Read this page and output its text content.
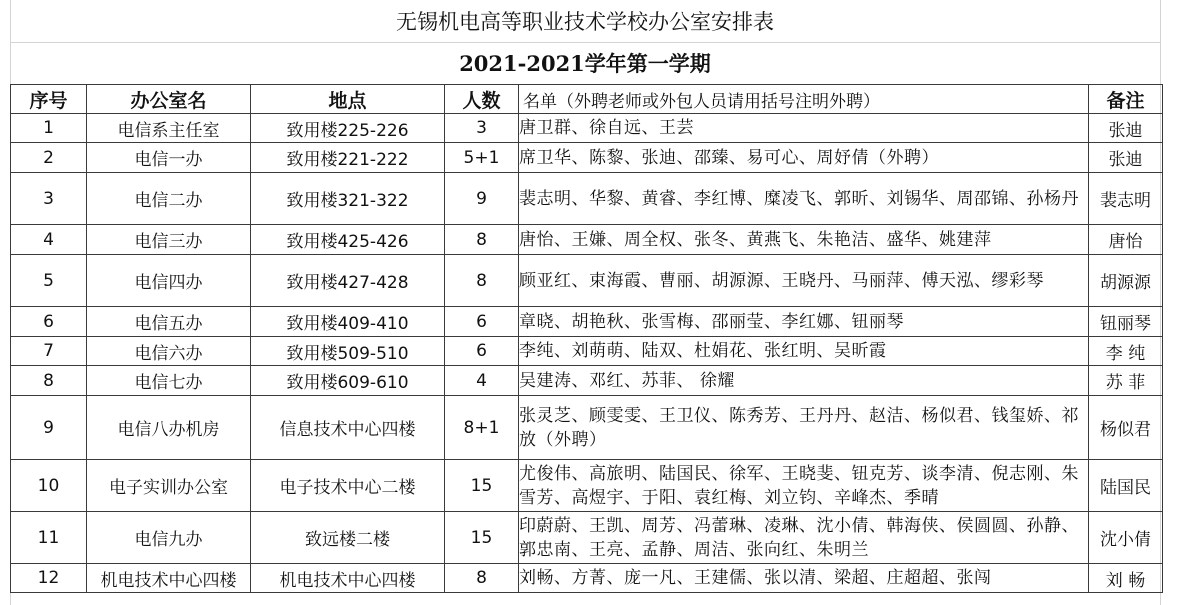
无锡机电高等职业技术学校办公室安排表
2021-2021学年第一学期
序号	办公室名	地点	人数	名单（外聘老师或外包人员请用括号注明外聘）	备注
1	电信系主任室	致用楼225-226	3	唐卫群、徐自远、王芸	张迪
2	电信一办	致用楼221-222	5+1	席卫华、陈黎、张迪、邵臻、易可心、周妤倩（外聘）	张迪
3	电信二办	致用楼321-322	9	裴志明、华黎、黄睿、李红博、糜凌飞、郭昕、刘锡华、周邵锦、孙杨丹	裴志明
4	电信三办	致用楼425-426	8	唐怡、王嫌、周全权、张冬、黄燕飞、朱艳洁、盛华、姚建萍	唐怡
5	电信四办	致用楼427-428	8	顾亚红、束海霞、曹丽、胡源源、王晓丹、马丽萍、傅天泓、缪彩琴	胡源源
6	电信五办	致用楼409-410	6	章晓、胡艳秋、张雪梅、邵丽莹、李红娜、钮丽琴	钮丽琴
7	电信六办	致用楼509-510	6	李纯、刘萌萌、陆双、杜娟花、张红明、吴昕霞	李 纯
8	电信七办	致用楼609-610	4	吴建涛、邓红、苏菲、 徐耀	苏 菲
9	电信八办机房	信息技术中心四楼	8+1	张灵芝、顾雯雯、王卫仪、陈秀芳、王丹丹、赵洁、杨似君、钱玺娇、祁放（外聘）	杨似君
10	电子实训办公室	电子技术中心二楼	15	尤俊伟、高旅明、陆国民、徐军、王晓斐、钮克芳、谈李清、倪志刚、朱雪芳、高煜宇、于阳、袁红梅、刘立钧、辛峰杰、季晴	陆国民
11	电信九办	致远楼二楼	15	印蔚蔚、王凯、周芳、冯蕾琳、凌琳、沈小倩、韩海侠、侯圆圆、孙静、郭忠南、王亮、孟静、周洁、张向红、朱明兰	沈小倩
12	机电技术中心四楼	机电技术中心四楼	8	刘畅、方菁、庞一凡、王建儒、张以清、梁超、庄超超、张闯	刘 畅
